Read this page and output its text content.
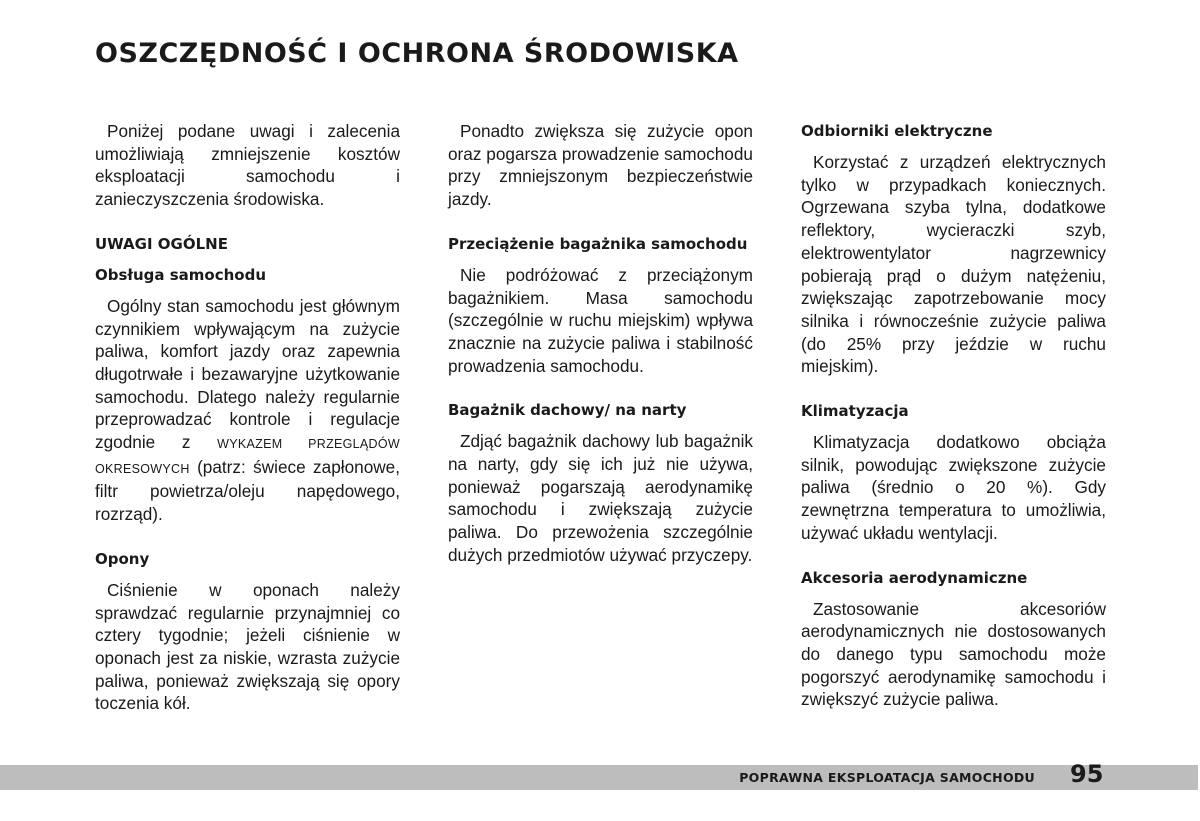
OSZCZĘDNOŚĆ I OCHRONA ŚRODOWISKA

Poniżej podane uwagi i zalecenia umożliwiają zmniejszenie kosztów eksploatacji samochodu i zanieczyszczenia środowiska.

UWAGI OGÓLNE
Obsługa samochodu

Ogólny stan samochodu jest głównym czynnikiem wpływającym na zużycie paliwa, komfort jazdy oraz zapewnia długotrwałe i bezawaryjne użytkowanie samochodu. Dlatego należy regularnie przeprowadzać kontrole i regulacje zgodnie z WYKAZEM PRZEGLĄDÓW OKRESOWYCH (patrz: świece zapłonowe, filtr powietrza/oleju napędowego, rozrząd).

Opony

Ciśnienie w oponach należy sprawdzać regularnie przynajmniej co cztery tygodnie; jeżeli ciśnienie w oponach jest za niskie, wzrasta zużycie paliwa, ponieważ zwiększają się opory toczenia kół.

Ponadto zwiększa się zużycie opon oraz pogarsza prowadzenie samochodu przy zmniejszonym bezpieczeństwie jazdy.

Przeciążenie bagażnika samochodu

Nie podróżować z przeciążonym bagażnikiem. Masa samochodu (szczególnie w ruchu miejskim) wpływa znacznie na zużycie paliwa i stabilność prowadzenia samochodu.

Bagażnik dachowy/ na narty

Zdjąć bagażnik dachowy lub bagażnik na narty, gdy się ich już nie używa, ponieważ pogarszają aerodynamikę samochodu i zwiększają zużycie paliwa. Do przewożenia szczególnie dużych przedmiotów używać przyczepy.

Odbiorniki elektryczne

Korzystać z urządzeń elektrycznych tylko w przypadkach koniecznych. Ogrzewana szyba tylna, dodatkowe reflektory, wycieraczki szyb, elektrowentylator nagrzewnicy pobierają prąd o dużym natężeniu, zwiększając zapotrzebowanie mocy silnika i równocześnie zużycie paliwa (do 25% przy jeździe w ruchu miejskim).

Klimatyzacja

Klimatyzacja dodatkowo obciąża silnik, powodując zwiększone zużycie paliwa (średnio o 20 %). Gdy zewnętrzna temperatura to umożliwia, używać układu wentylacji.

Akcesoria aerodynamiczne

Zastosowanie akcesoriów aerodynamicznych nie dostosowanych do danego typu samochodu może pogorszyć aerodynamikę samochodu i zwiększyć zużycie paliwa.

POPRAWNA EKSPLOATACJA SAMOCHODU 95
